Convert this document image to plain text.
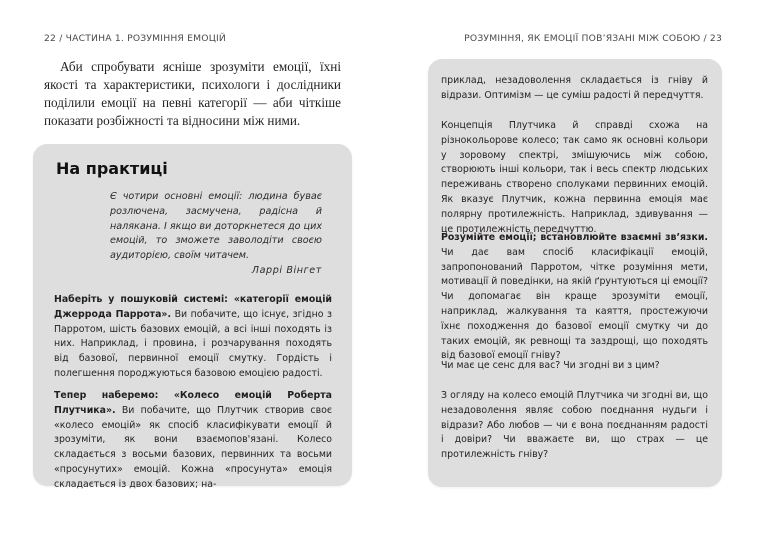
22 / ЧАСТИНА 1. РОЗУМІННЯ ЕМОЦІЙ

Аби спробувати ясніше зрозуміти емоції, їхні якості та характеристики, психологи і дослідники поділили емоції на певні категорії — аби чіткіше показати розбіжності та відносини між ними.

На практиці

Є чотири основні емоції: людина буває розлючена, засмучена, радісна й налякана. І якщо ви доторкнетеся до цих емоцій, то зможете заволодіти своєю аудиторією, своїм читачем.

Ларрі Вінгет

Наберіть у пошуковій системі: «категорії емоцій Джеррода Паррота». Ви побачите, що існує, згідно з Парротом, шість базових емоцій, а всі інші походять із них. Наприклад, і провина, і розчарування походять від базової, первинної емоції смутку. Гордість і полегшення породжуються базовою емоцією радості.

Тепер наберемо: «Колесо емоцій Роберта Плутчика». Ви побачите, що Плутчик створив своє «колесо емоцій» як спосіб класифікувати емоції й зрозуміти, як вони взаємопов'язані. Колесо складається з восьми базових, первинних та восьми «просунутих» емоцій. Кожна «просунута» емоція складається із двох базових; на-

РОЗУМІННЯ, ЯК ЕМОЦІЇ ПОВ’ЯЗАНІ МІЖ СОБОЮ / 23

приклад, незадоволення складається із гніву й відрази. Оптимізм — це суміш радості й передчуття.

Концепція Плутчика й справді схожа на різнокольорове колесо; так само як основні кольори у зоровому спектрі, змішуючись між собою, створюють інші кольори, так і весь спектр людських переживань створено сполуками первинних емоцій. Як вказує Плутчик, кожна первинна емоція має полярну протилежність. Наприклад, здивування — це протилежність передчуттю.

Розумійте емоції; встановлюйте взаємні зв’язки. Чи дає вам спосіб класифікації емоцій, запропонований Парротом, чітке розуміння мети, мотивації й поведінки, на якій ґрунтуються ці емоції? Чи допомагає він краще зрозуміти емоції, наприклад, жалкування та каяття, простежуючи їхнє походження до базової емоції смутку чи до таких емоцій, як ревнощі та заздрощі, що походять від базової емоції гніву?

Чи має це сенс для вас? Чи згодні ви з цим?

З огляду на колесо емоцій Плутчика чи згодні ви, що незадоволення являє собою поєднання нудьги і відрази? Або любов — чи є вона поєднанням радості і довіри? Чи вважаєте ви, що страх — це протилежність гніву?
